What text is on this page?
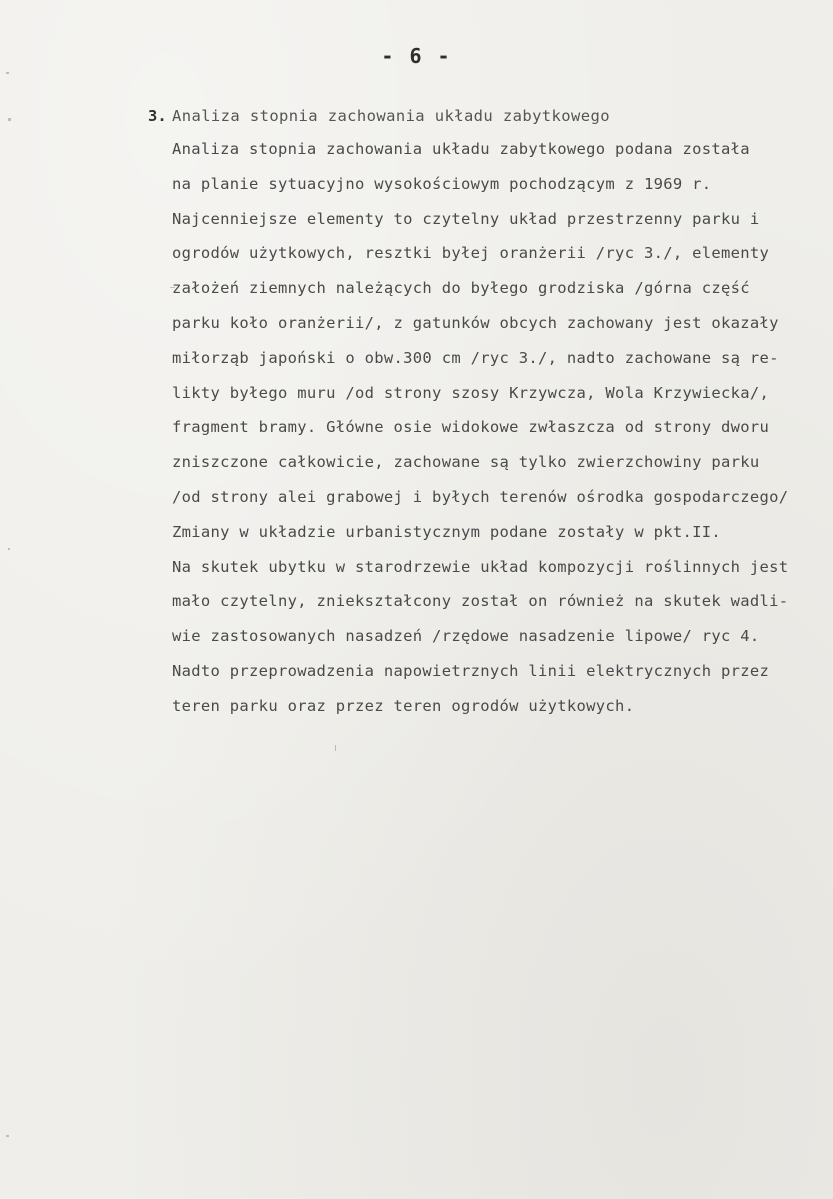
- 6 -
3. Analiza stopnia zachowania układu zabytkowego
Analiza stopnia zachowania układu zabytkowego podana została
na planie sytuacyjno wysokościowym pochodzącym z 1969 r.
Najcenniejsze elementy to czytelny układ przestrzenny parku i
ogrodów użytkowych, resztki byłej oranżerii /ryc 3./, elementy
założeń ziemnych należących do byłego grodziska /górna część
parku koło oranżerii/, z gatunków obcych zachowany jest okazały
miłorząb japoński o obw.300 cm /ryc 3./, nadto zachowane są re-
likty byłego muru /od strony szosy Krzywcza, Wola Krzywiecka/,
fragment bramy. Główne osie widokowe zwłaszcza od strony dworu
zniszczone całkowicie, zachowane są tylko zwierzchowiny parku
/od strony alei grabowej i byłych terenów ośrodka gospodarczego/
Zmiany w układzie urbanistycznym podane zostały w pkt.II.
Na skutek ubytku w starodrzewie układ kompozycji roślinnych jest
mało czytelny, zniekształcony został on również na skutek wadli-
wie zastosowanych nasadzeń /rzędowe nasadzenie lipowe/ ryc 4.
Nadto przeprowadzenia napowietrznych linii elektrycznych przez
teren parku oraz przez teren ogrodów użytkowych.
